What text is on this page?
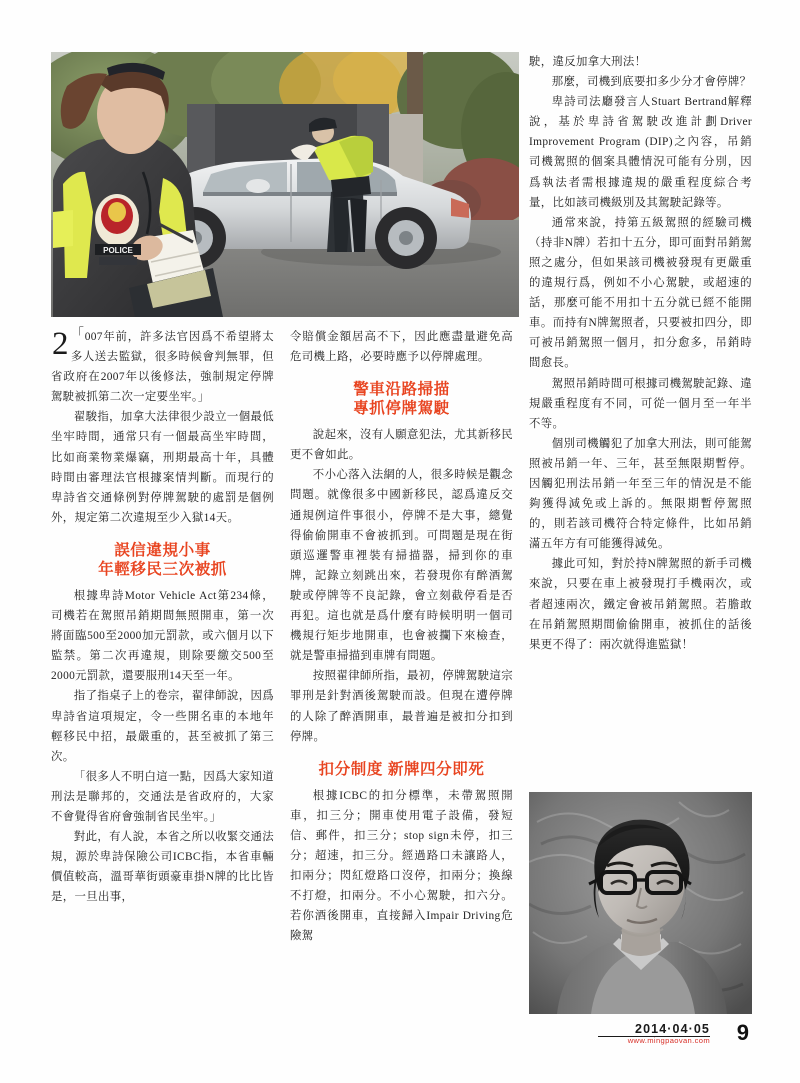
POLICE

「
2 007年前，許多法官因爲不希望將太多人送去監獄，很多時候會判無罪，但省政府在2007年以後修法，強制規定停牌駕駛被抓第二次一定要坐牢。」

翟駿指，加拿大法律很少設立一個最低坐牢時間，通常只有一個最高坐牢時間，比如商業物業爆竊，刑期最高十年，具體時間由審理法官根據案情判斷。而現行的卑詩省交通條例對停牌駕駛的處罰是個例外，規定第二次違規至少入獄14天。

誤信違規小事
年輕移民三次被抓

根據卑詩Motor Vehicle Act第234條，司機若在駕照吊銷期間無照開車，第一次將面臨500至2000加元罰款，或六個月以下監禁。第二次再違規，則除要繳交500至2000元罰款，還要服刑14天至一年。

指了指桌子上的卷宗，翟律師說，因爲卑詩省這項規定，令一些開名車的本地年輕移民中招，最嚴重的，甚至被抓了第三次。

「很多人不明白這一點，因爲大家知道刑法是聯邦的，交通法是省政府的，大家不會覺得省府會強制省民坐牢。」

對此，有人說，本省之所以收緊交通法規，源於卑詩保險公司ICBC指，本省車輛價值較高，溫哥華街頭豪車掛N牌的比比皆是，一旦出事，

令賠償金額居高不下，因此應盡量避免高危司機上路，必要時應予以停牌處理。

警車沿路掃描
專抓停牌駕駛

說起來，沒有人願意犯法，尤其新移民更不會如此。

不小心落入法網的人，很多時候是觀念問題。就像很多中國新移民，認爲違反交通規例這件事很小，停牌不是大事，總覺得偷偷開車不會被抓到。可問題是現在街頭巡邏警車裡裝有掃描器，掃到你的車牌，記錄立刻跳出來，若發現你有醉酒駕駛或停牌等不良記錄，會立刻截停看是否再犯。這也就是爲什麼有時候明明一個司機規行矩步地開車，也會被攔下來檢查，就是警車掃描到車牌有問題。

按照翟律師所指，最初，停牌駕駛這宗罪刑是針對酒後駕駛而設。但現在遭停牌的人除了醉酒開車，最普遍是被扣分扣到停牌。

扣分制度 新牌四分即死

根據ICBC的扣分標準，未帶駕照開車，扣三分；開車使用電子設備，發短信、郵件，扣三分；stop sign未停，扣三分；超速，扣三分。經過路口未讓路人，扣兩分；閃紅燈路口沒停，扣兩分；換線不打燈，扣兩分。不小心駕駛，扣六分。若你酒後開車，直接歸入Impair Driving危險駕

駛，違反加拿大刑法！

那麼，司機到底要扣多少分才會停牌？

卑詩司法廳發言人Stuart Bertrand解釋說，基於卑詩省駕駛改進計劃Driver Improvement Program (DIP)之內容，吊銷司機駕照的個案具體情況可能有分別，因爲執法者需根據違規的嚴重程度綜合考量，比如該司機級別及其駕駛記錄等。

通常來說，持第五級駕照的經驗司機（持非N牌）若扣十五分，即可面對吊銷駕照之處分，但如果該司機被發現有更嚴重的違規行爲，例如不小心駕駛，或超速的話，那麼可能不用扣十五分就已經不能開車。而持有N牌駕照者，只要被扣四分，即可被吊銷駕照一個月，扣分愈多，吊銷時間愈長。

駕照吊銷時間可根據司機駕駛記錄、違規嚴重程度有不同，可從一個月至一年半不等。

個別司機觸犯了加拿大刑法，則可能駕照被吊銷一年、三年，甚至無限期暫停。因觸犯刑法吊銷一年至三年的情況是不能夠獲得減免或上訴的。無限期暫停駕照的，則若該司機符合特定條件，比如吊銷滿五年方有可能獲得減免。

據此可知，對於持N牌駕照的新手司機來說，只要在車上被發現打手機兩次，或者超速兩次，鐵定會被吊銷駕照。若膽敢在吊銷駕照期間偷偷開車，被抓住的話後果更不得了：兩次就得進監獄！

2014·04·05
www.mingpaovan.com 9
